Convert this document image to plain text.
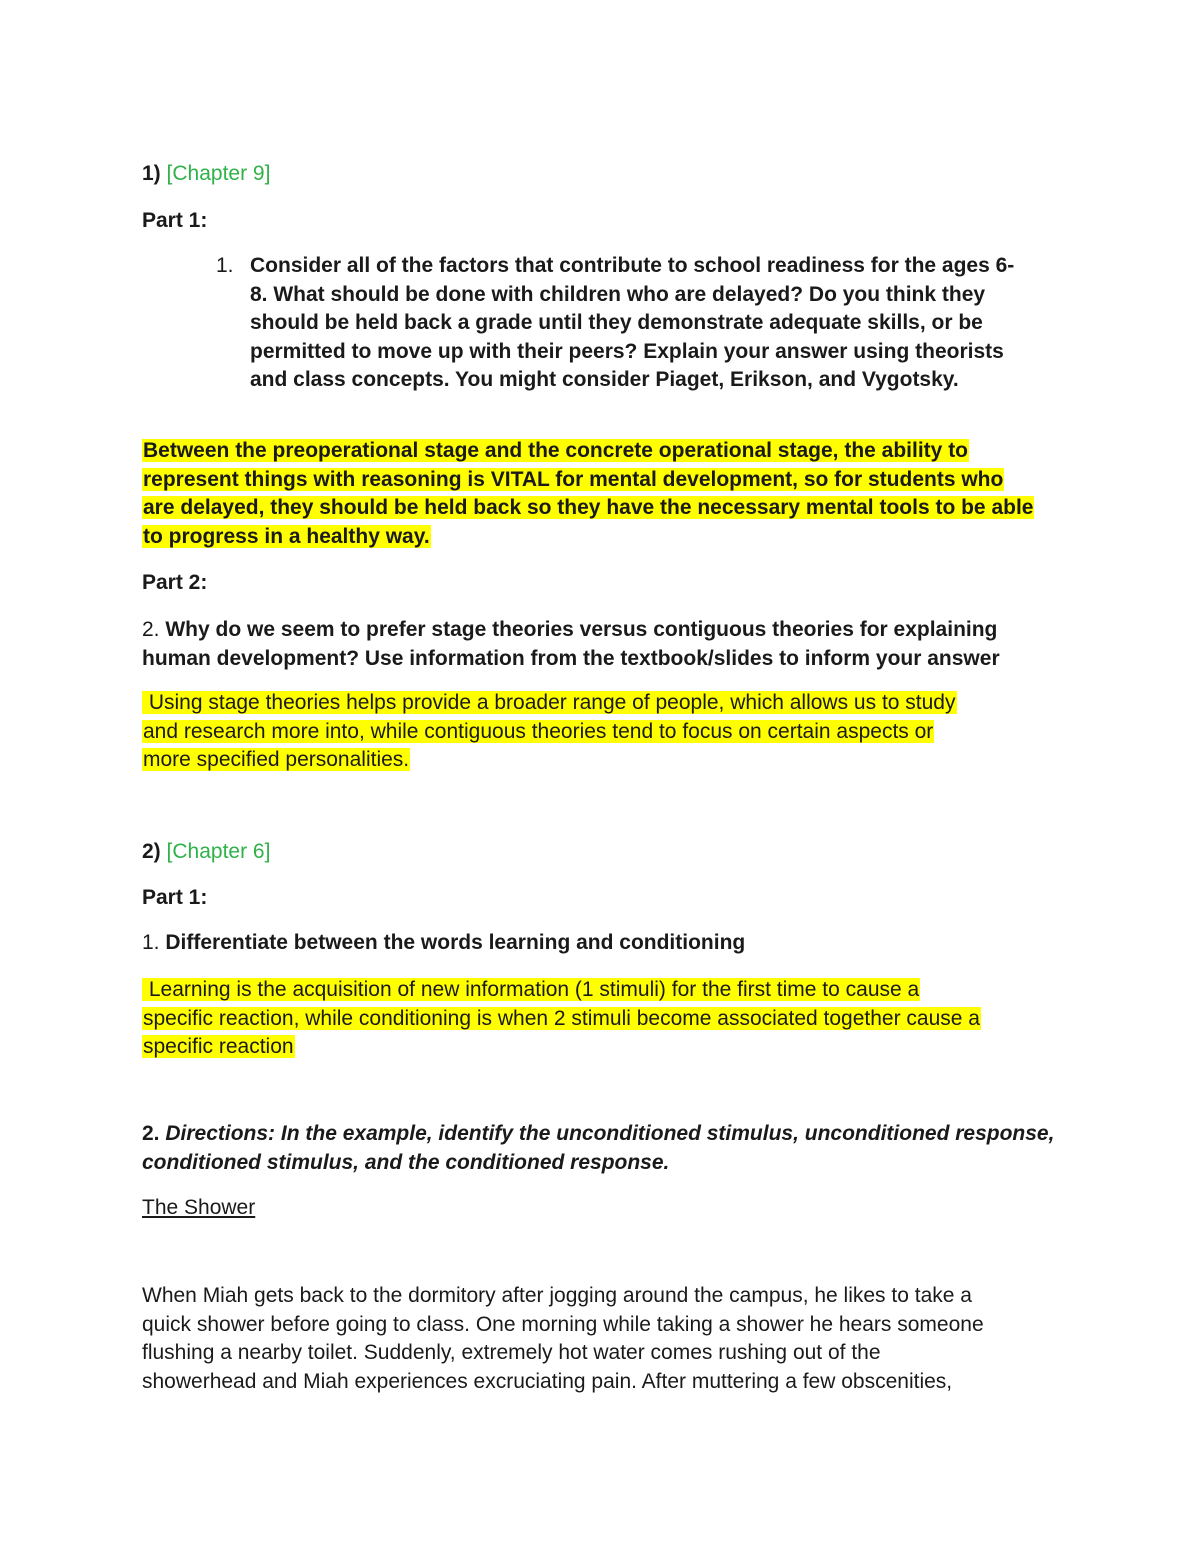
1) [Chapter 9]

Part 1:

1. Consider all of the factors that contribute to school readiness for the ages 6-

8. What should be done with children who are delayed? Do you think they

should be held back a grade until they demonstrate adequate skills, or be

permitted to move up with their peers? Explain your answer using theorists

and class concepts. You might consider Piaget, Erikson, and Vygotsky.

Between the preoperational stage and the concrete operational stage, the ability to

represent things with reasoning is VITAL for mental development, so for students who

are delayed, they should be held back so they have the necessary mental tools to be able

to progress in a healthy way.

Part 2:

2. Why do we seem to prefer stage theories versus contiguous theories for explaining

human development? Use information from the textbook/slides to inform your answer

Using stage theories helps provide a broader range of people, which allows us to study

and research more into, while contiguous theories tend to focus on certain aspects or

more specified personalities.

2) [Chapter 6]

Part 1:

1. Differentiate between the words learning and conditioning

Learning is the acquisition of new information (1 stimuli) for the first time to cause a

specific reaction, while conditioning is when 2 stimuli become associated together cause a

specific reaction

2. Directions: In the example, identify the unconditioned stimulus, unconditioned response,

conditioned stimulus, and the conditioned response.

The Shower

When Miah gets back to the dormitory after jogging around the campus, he likes to take a

quick shower before going to class. One morning while taking a shower he hears someone

flushing a nearby toilet. Suddenly, extremely hot water comes rushing out of the

showerhead and Miah experiences excruciating pain. After muttering a few obscenities,
